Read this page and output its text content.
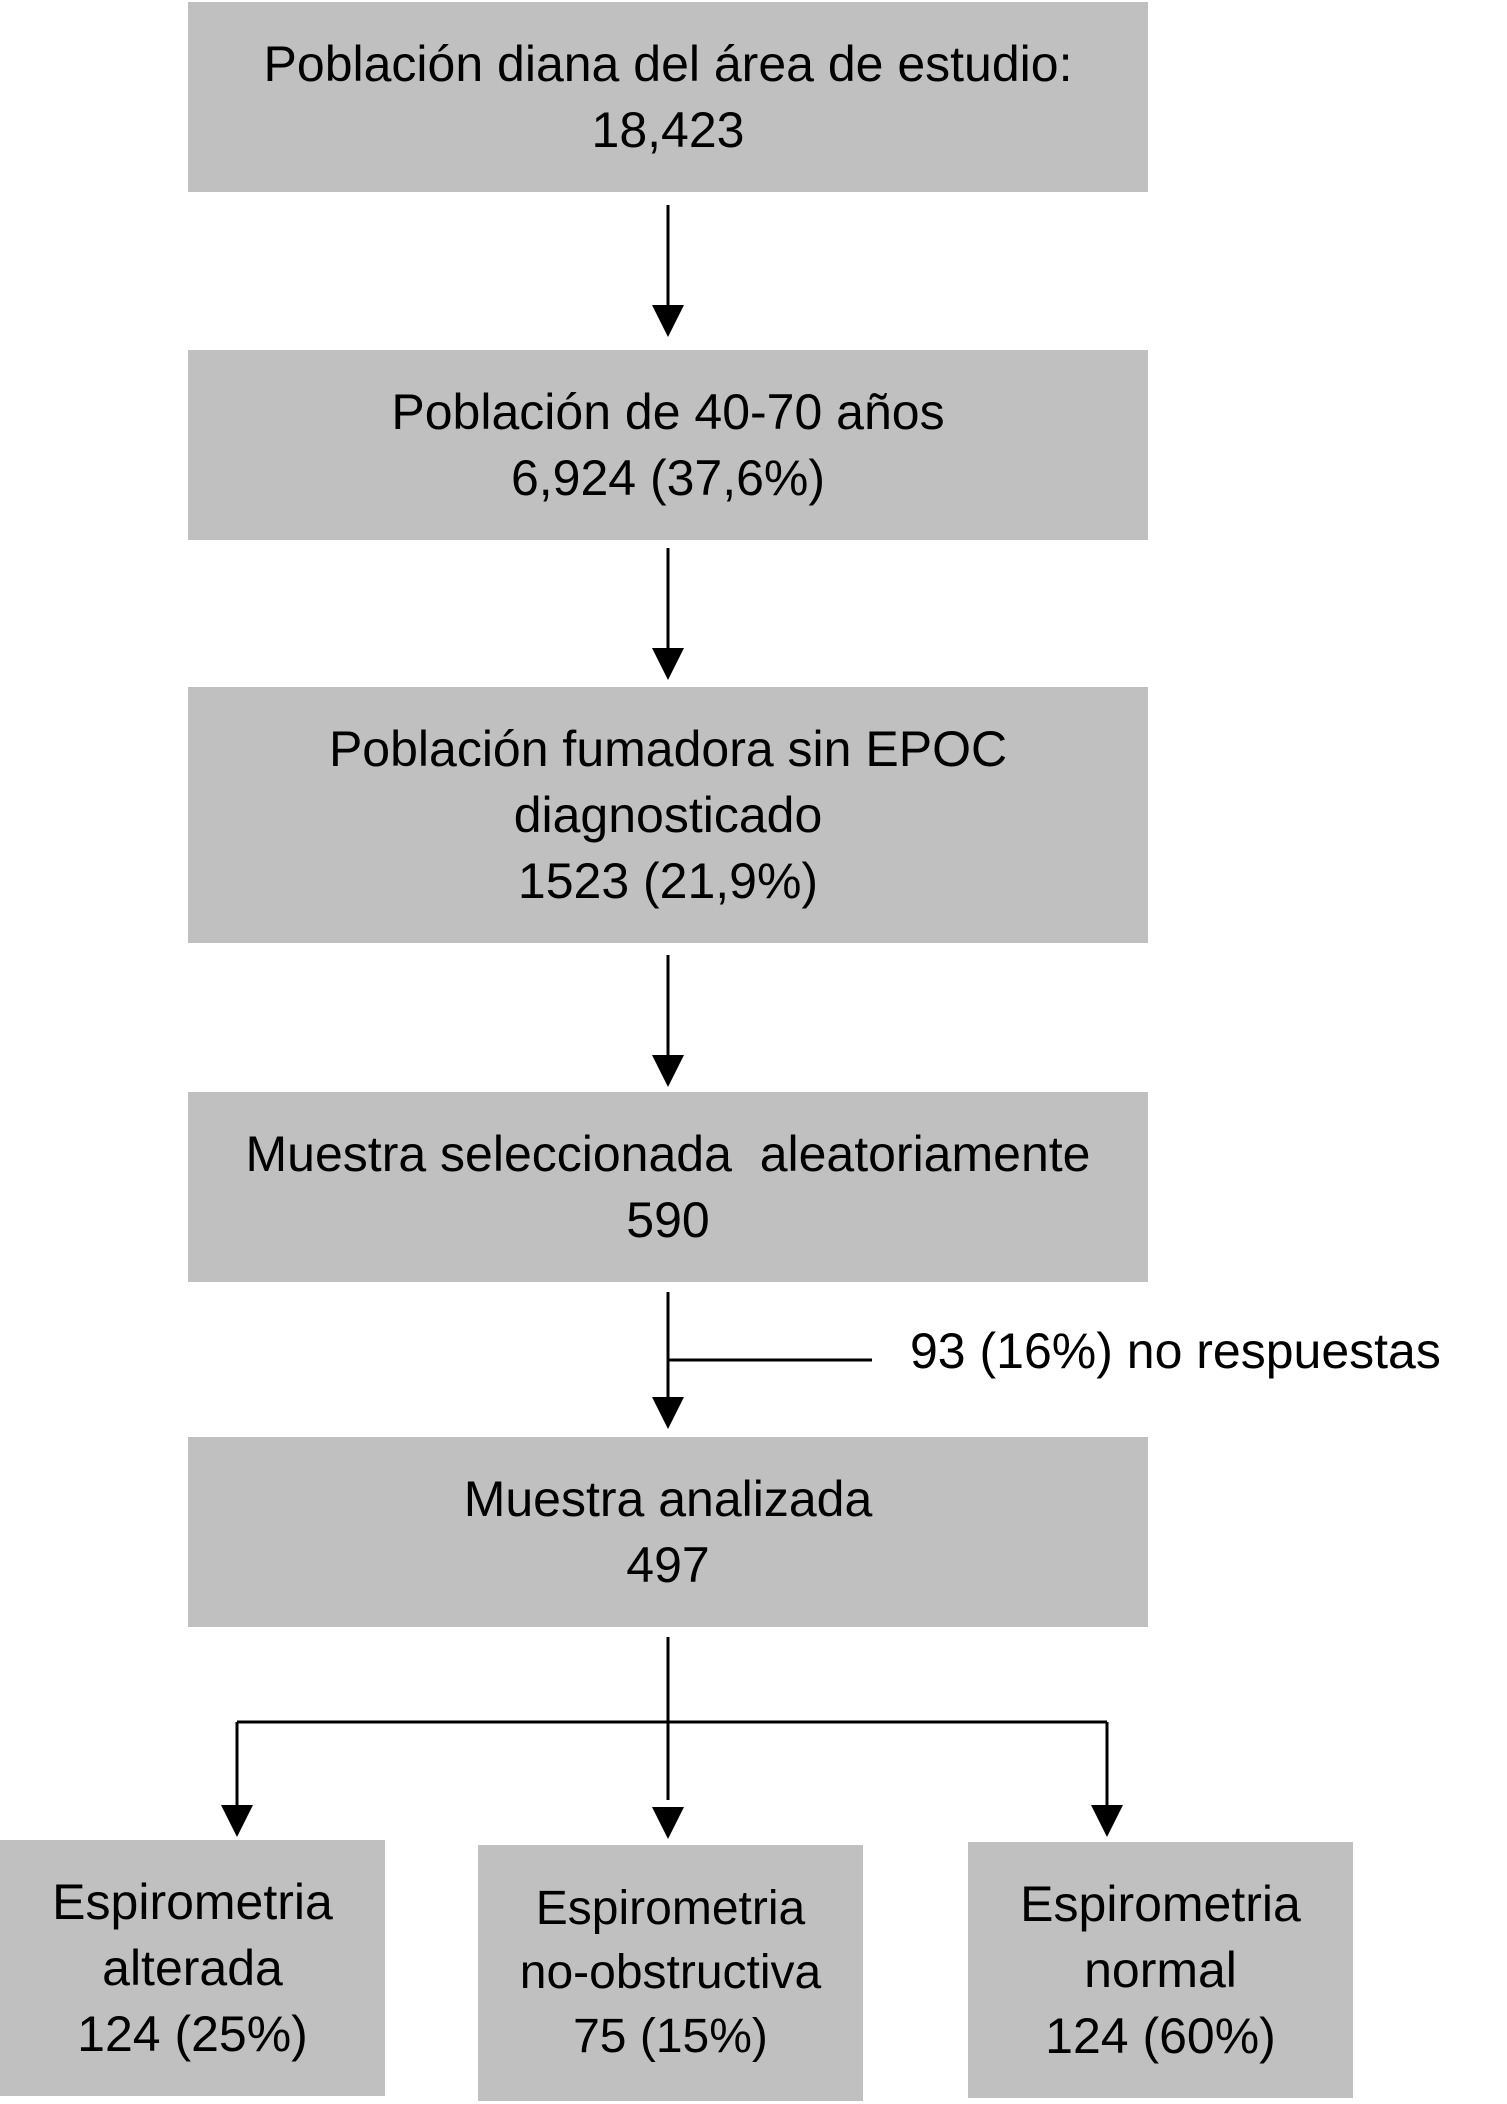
Población diana del área de estudio:
18,423
Población de 40-70 años
6,924 (37,6%)
Población fumadora sin EPOC
diagnosticado
1523 (21,9%)
Muestra seleccionada  aleatoriamente
590
93 (16%) no respuestas
Muestra analizada
497
Espirometria
alterada
124 (25%)
Espirometria
no-obstructiva
75 (15%)
Espirometria
normal
124 (60%)
